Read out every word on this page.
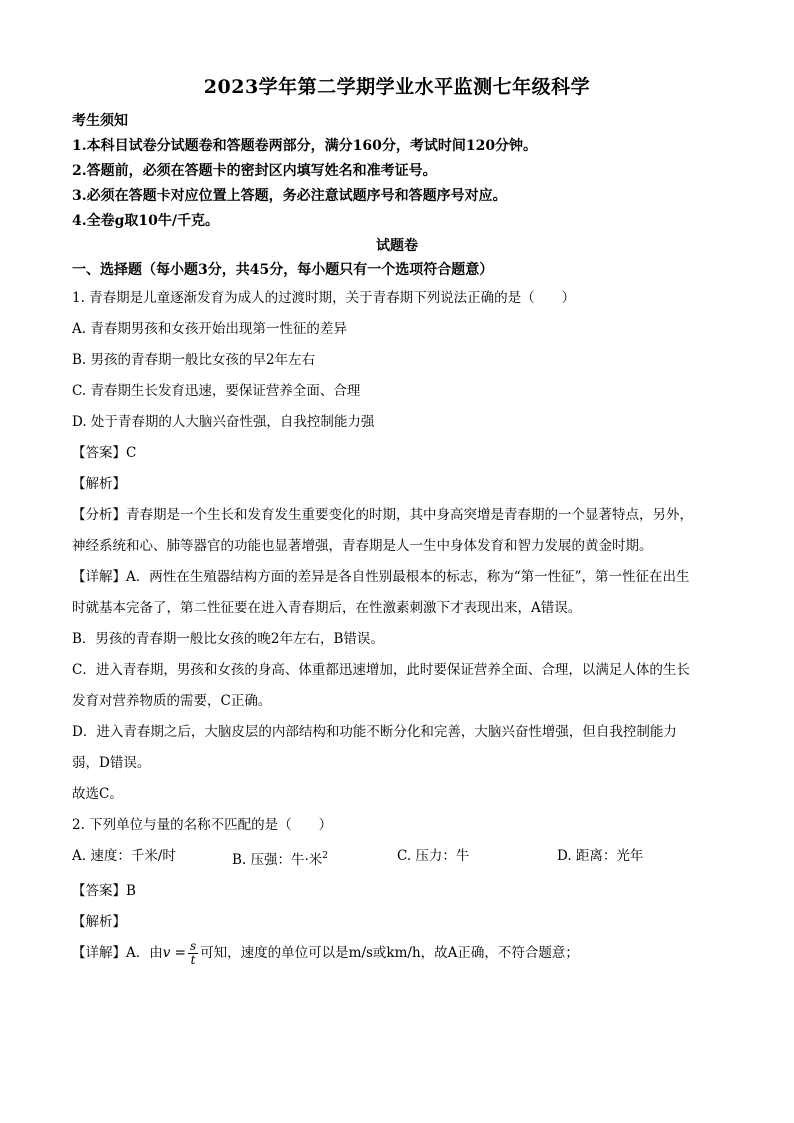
2023学年第二学期学业水平监测七年级科学
考生须知
1.本科目试卷分试题卷和答题卷两部分，满分160分，考试时间120分钟。
2.答题前，必须在答题卡的密封区内填写姓名和准考证号。
3.必须在答题卡对应位置上答题，务必注意试题序号和答题序号对应。
4.全卷g取10牛/千克。
试题卷
一、选择题（每小题3分，共45分，每小题只有一个选项符合题意）

1. 青春期是儿童逐渐发育为成人的过渡时期，关于青春期下列说法正确的是（　　）

A. 青春期男孩和女孩开始出现第一性征的差异

B. 男孩的青春期一般比女孩的早2年左右

C. 青春期生长发育迅速，要保证营养全面、合理

D. 处于青春期的人大脑兴奋性强，自我控制能力强

【答案】C

【解析】

【分析】青春期是一个生长和发育发生重要变化的时期，其中身高突增是青春期的一个显著特点，另外，

神经系统和心、肺等器官的功能也显著增强，青春期是人一生中身体发育和智力发展的黄金时期。

【详解】A．两性在生殖器结构方面的差异是各自性别最根本的标志，称为“第一性征”，第一性征在出生

时就基本完备了，第二性征要在进入青春期后，在性激素刺激下才表现出来，A错误。

B．男孩的青春期一般比女孩的晚2年左右，B错误。

C．进入青春期，男孩和女孩的身高、体重都迅速增加，此时要保证营养全面、合理，以满足人体的生长

发育对营养物质的需要，C正确。

D．进入青春期之后，大脑皮层的内部结构和功能不断分化和完善，大脑兴奋性增强，但自我控制能力

弱，D错误。

故选C。

2. 下列单位与量的名称不匹配的是（　　）

A. 速度：千米/时	B. 压强：牛·米$^2$	C. 压力：牛	D. 距离：光年

【答案】B

【解析】

【详解】A．由$v = \frac{s}{t}$ 可知，速度的单位可以是m/s或km/h，故A正确，不符合题意；
